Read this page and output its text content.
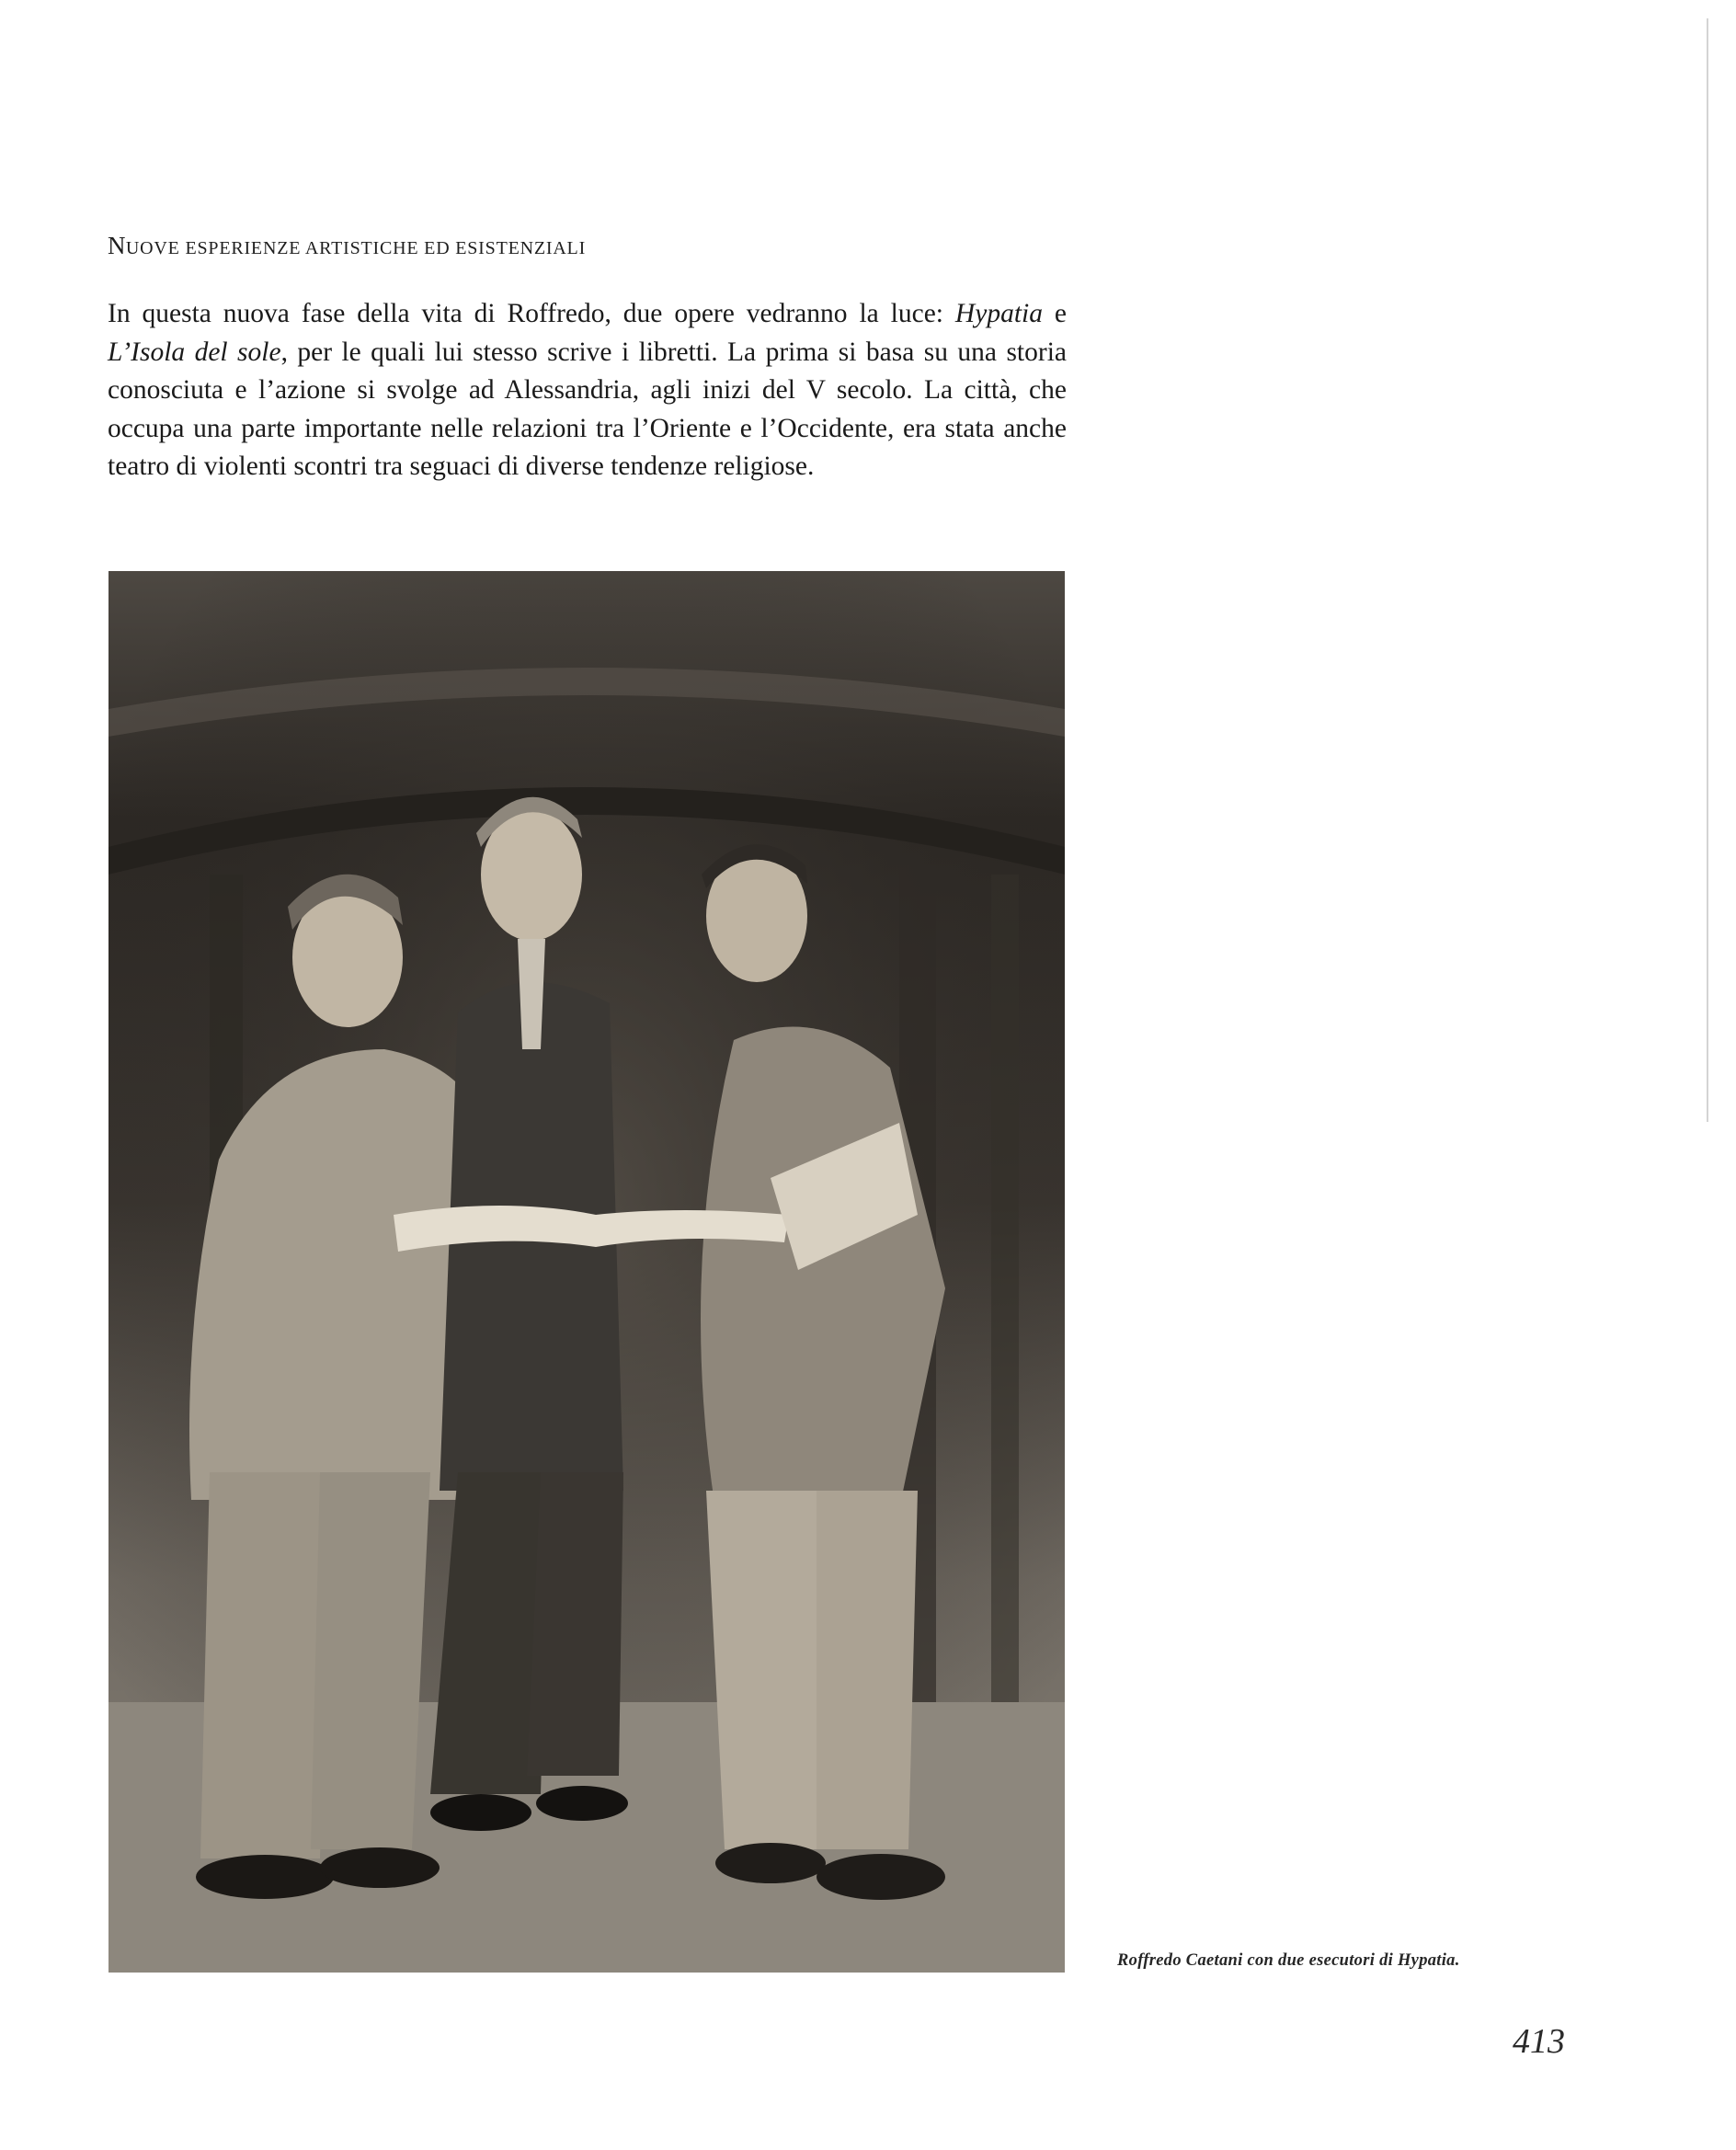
NUOVE ESPERIENZE ARTISTICHE ED ESISTENZIALI

In questa nuova fase della vita di Roffredo, due opere vedranno la luce: Hypatia e L’Isola del sole, per le quali lui stesso scrive i libretti. La prima si basa su una storia conosciuta e l’azione si svolge ad Alessandria, agli inizi del V secolo. La città, che occupa una parte importante nelle relazioni tra l’Oriente e l’Occidente, era stata anche teatro di violenti scontri tra seguaci di diverse tendenze religiose.

Roffredo Caetani con due esecutori di Hypatia.
413
